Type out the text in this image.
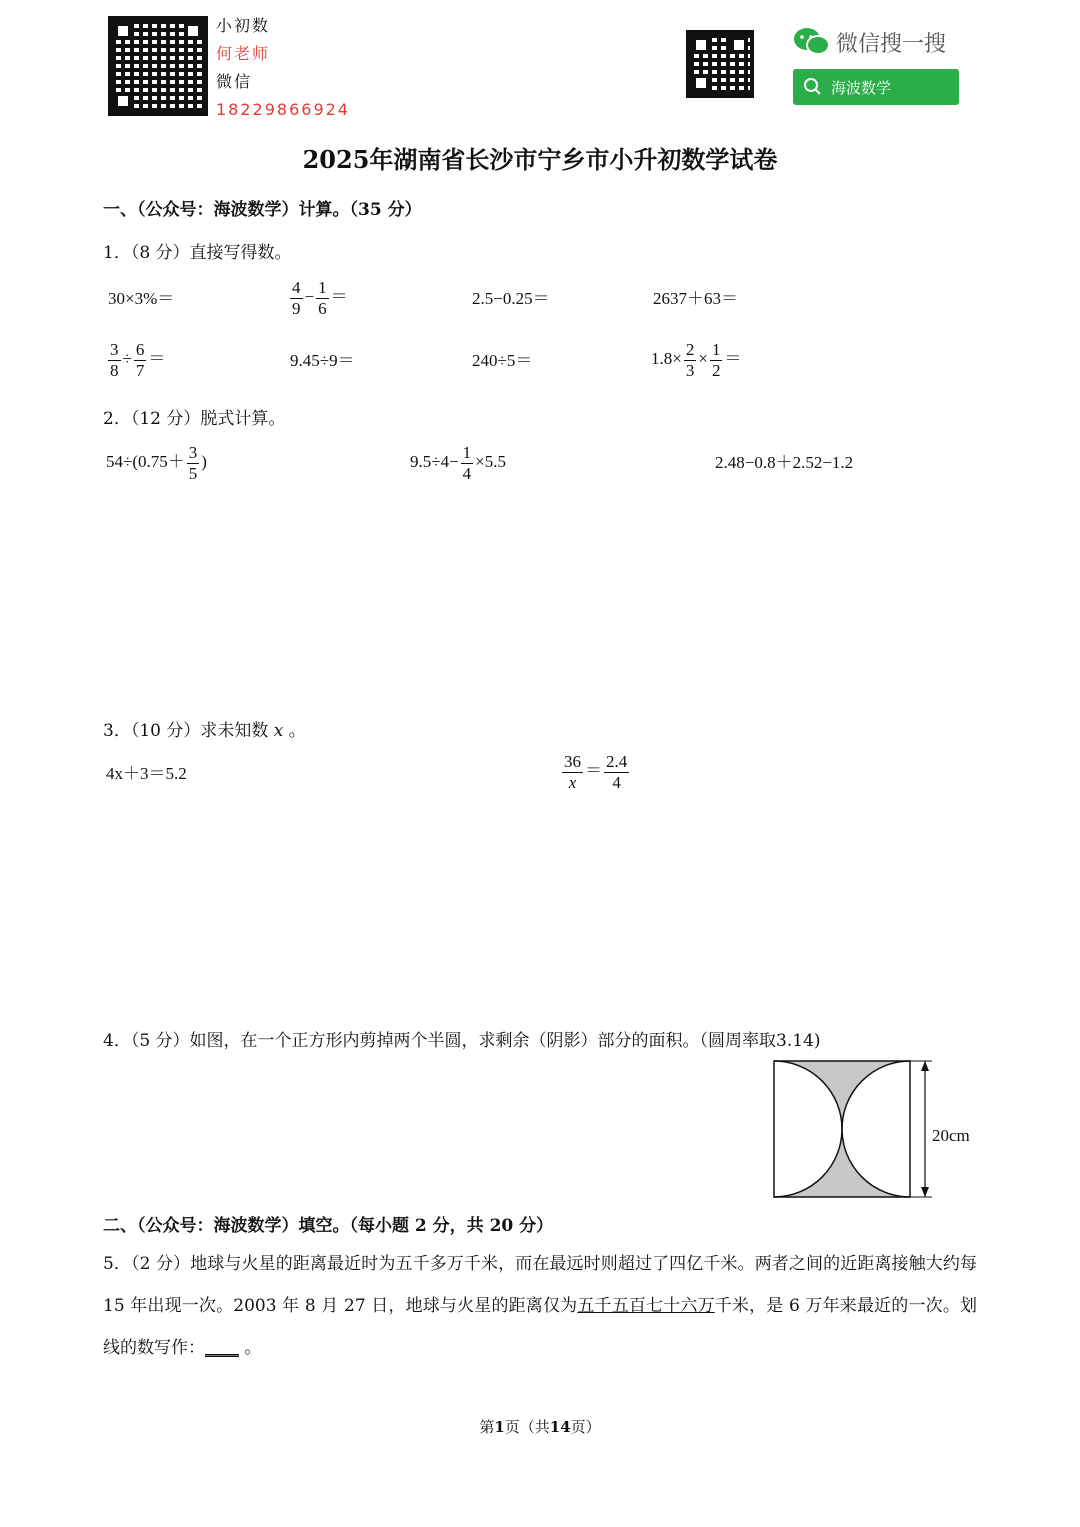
小初数
何老师
微信
18229866924
微信搜一搜
海波数学
2025年湖南省长沙市宁乡市小升初数学试卷
一、（公众号：海波数学）计算。（35 分）
1．（8 分）直接写得数。
30×3%＝	$\frac{4}{9} - \frac{1}{6}$ ＝	2.5−0.25＝	2637＋63＝
$\frac{3}{8} \div \frac{6}{7}$ ＝	9.45÷9＝	240÷5＝	$1.8\times \frac{2}{3} \times \frac{1}{2}$ ＝
2．（12 分）脱式计算。
$54\div(0.75+ \frac{3}{5}$ )	$9.5\div 4- \frac{1}{4} \times 5.5$	2.48−0.8＋2.52−1.2
3．（10 分）求未知数 x 。
4x＋3＝5.2	$\frac{36}{x} = \frac{2.4}{4}$
4．（5 分）如图，在一个正方形内剪掉两个半圆，求剩余（阴影）部分的面积。（圆周率取3.14)
20cm
二、（公众号：海波数学）填空。（每小题 2 分，共 20 分）
5．（2 分）地球与火星的距离最近时为五千多万千米，而在最远时则超过了四亿千米。两者之间的近距离接触大约每 15 年出现一次。2003 年 8 月 27 日，地球与火星的距离仅为五千五百七十六万千米，是 6 万年来最近的一次。划线的数写作：____ 。
第1页（共14页）
